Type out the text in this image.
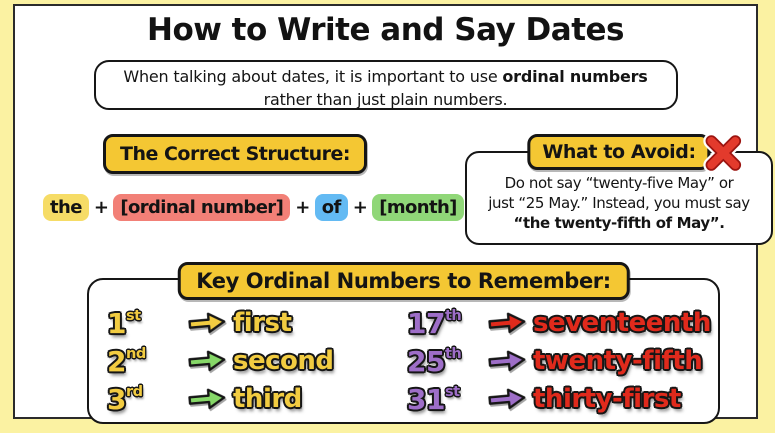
How to Write and Say Dates
When talking about dates, it is important to use ordinal numbers
rather than just plain numbers.
The Correct Structure:
the + [ordinal number] + of + [month]
What to Avoid:
Do not say “twenty-five May” or
just “25 May.” Instead, you must say
“the twenty-fifth of May”.
Key Ordinal Numbers to Remember:
1st	first
2nd	second
3rd	third
17th	seventeenth
25th	twenty-fifth
31st	thirty-first
